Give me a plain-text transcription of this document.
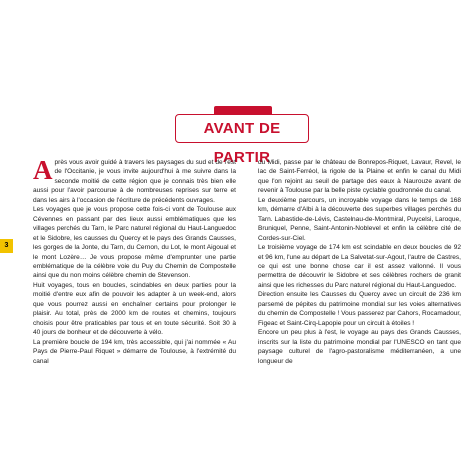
AVANT DE PARTIR
3

Après vous avoir guidé à travers les paysages du sud et de l'est de l'Occitanie, je vous invite aujourd'hui à me suivre dans la seconde moitié de cette région que je connais très bien elle aussi pour l'avoir parcourue à de nombreuses reprises sur terre et dans les airs à l'occasion de l'écriture de précédents ouvrages.

Les voyages que je vous propose cette fois-ci vont de Toulouse aux Cévennes en passant par des lieux aussi emblématiques que les villages perchés du Tarn, le Parc naturel régional du Haut-Languedoc et le Sidobre, les causses du Quercy et le pays des Grands Causses, les gorges de la Jonte, du Tarn, du Cernon, du Lot, le mont Aigoual et le mont Lozère… Je vous propose même d'emprunter une partie emblématique de la célèbre voie du Puy du Chemin de Compostelle ainsi que du non moins célèbre chemin de Stevenson.

Huit voyages, tous en boucles, scindables en deux parties pour la moitié d'entre eux afin de pouvoir les adapter à un week-end, alors que vous pourrez aussi en enchaîner certains pour prolonger le plaisir. Au total, près de 2000 km de routes et chemins, toujours choisis pour être praticables par tous et en toute sécurité. Soit 30 à 40 jours de bonheur et de découverte à vélo.

La première boucle de 194 km, très accessible, qui j'ai nommée « Au Pays de Pierre-Paul Riquet » démarre de Toulouse, à l'extrémité du canal

du Midi, passe par le château de Bonrepos-Riquet, Lavaur, Revel, le lac de Saint-Ferréol, la rigole de la Plaine et enfin le canal du Midi que l'on rejoint au seuil de partage des eaux à Naurouze avant de revenir à Toulouse par la belle piste cyclable goudronnée du canal.

Le deuxième parcours, un incroyable voyage dans le temps de 168 km, démarre d'Albi à la découverte des superbes villages perchés du Tarn. Labastide-de-Lévis, Castelnau-de-Montmiral, Puycelsi, Laroque, Bruniquel, Penne, Saint-Antonin-Noblevel et enfin la célèbre cité de Cordes-sur-Ciel.

Le troisième voyage de 174 km est scindable en deux boucles de 92 et 96 km, l'une au départ de La Salvetat-sur-Agout, l'autre de Castres, ce qui est une bonne chose car il est assez vallonné. Il vous permettra de découvrir le Sidobre et ses célèbres rochers de granit ainsi que les richesses du Parc naturel régional du Haut-Languedoc.

Direction ensuite les Causses du Quercy avec un circuit de 236 km parsemé de pépites du patrimoine mondial sur les voies alternatives du chemin de Compostelle ! Vous passerez par Cahors, Rocamadour, Figeac et Saint-Cirq-Lapopie pour un circuit à étoiles !

Encore un peu plus à l'est, le voyage au pays des Grands Causses, inscrits sur la liste du patrimoine mondial par l'UNESCO en tant que paysage culturel de l'agro-pastoralisme méditerranéen, a une longueur de
